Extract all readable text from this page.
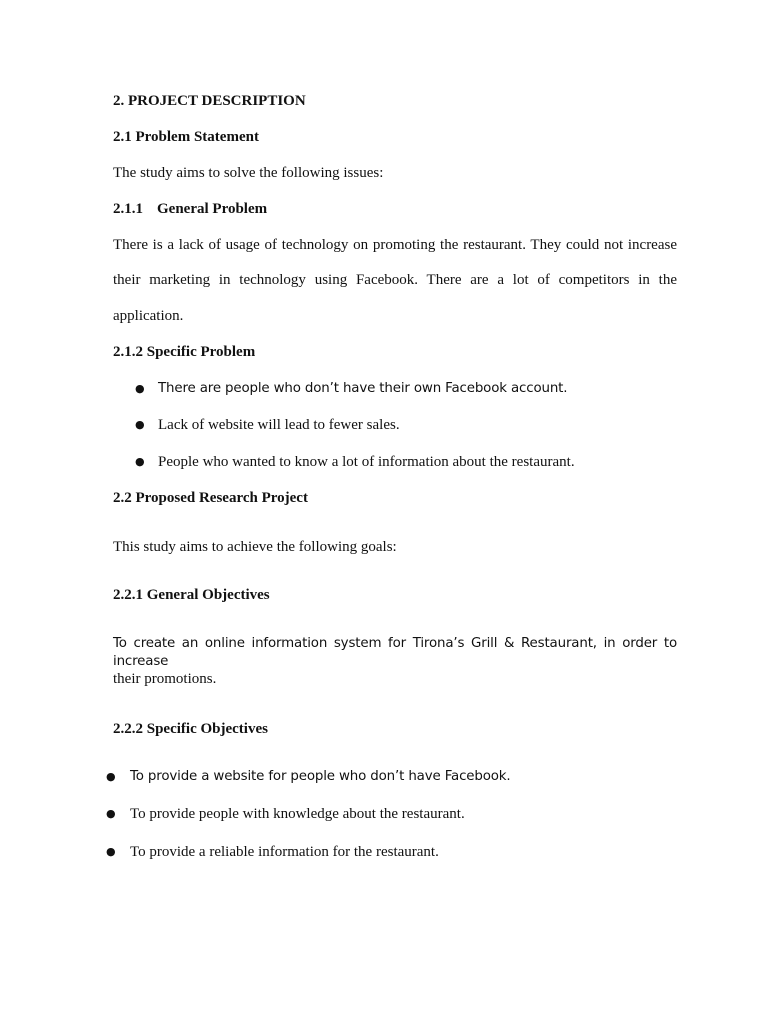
2. PROJECT DESCRIPTION
2.1 Problem Statement
The study aims to solve the following issues:
2.1.1 General Problem
There is a lack of usage of technology on promoting the restaurant. They could not increase
their marketing in technology using Facebook. There are a lot of competitors in the
application.
2.1.2 Specific Problem
● There are people who don’t have their own Facebook account.
● Lack of website will lead to fewer sales.
● People who wanted to know a lot of information about the restaurant.
2.2 Proposed Research Project
This study aims to achieve the following goals:
2.2.1 General Objectives
To create an online information system for Tirona’s Grill & Restaurant, in order to increase
their promotions.
2.2.2 Specific Objectives
● To provide a website for people who don’t have Facebook.
● To provide people with knowledge about the restaurant.
● To provide a reliable information for the restaurant.
